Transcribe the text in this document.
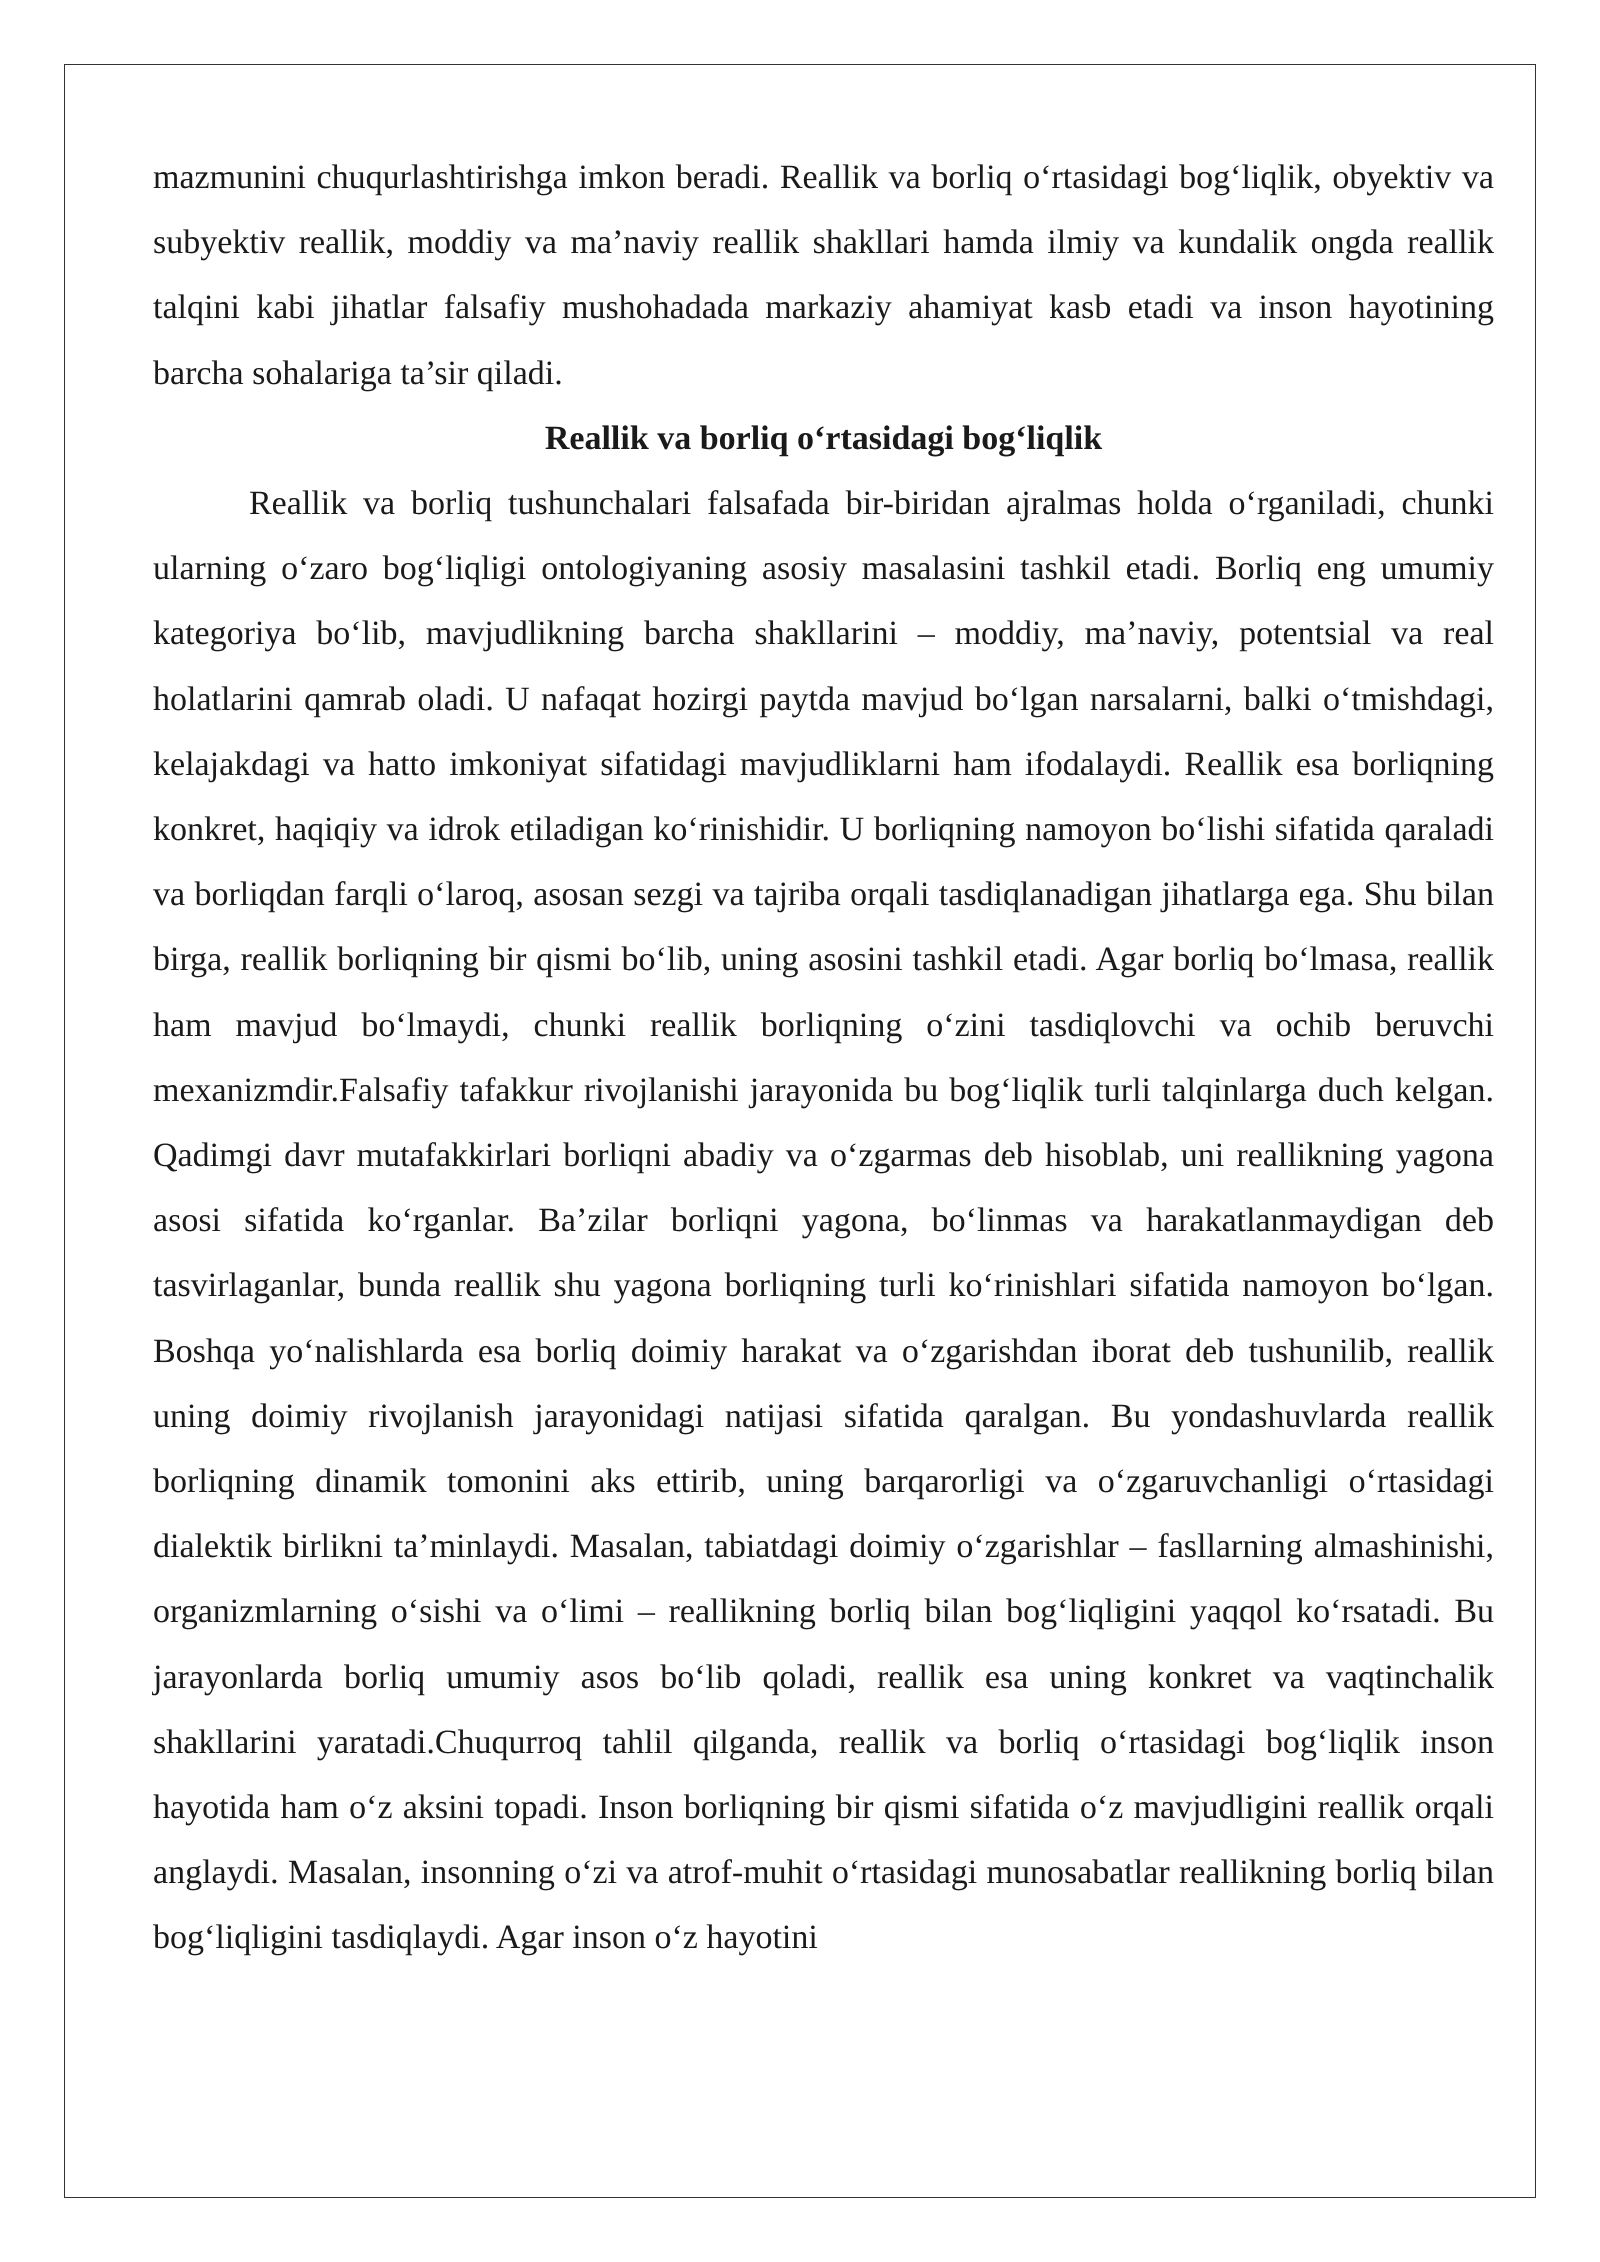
mazmunini chuqurlashtirishga imkon beradi. Reallik va borliq o‘rtasidagi bog‘liqlik, obyektiv va subyektiv reallik, moddiy va ma’naviy reallik shakllari hamda ilmiy va kundalik ongda reallik talqini kabi jihatlar falsafiy mushohadada markaziy ahamiyat kasb etadi va inson hayotining barcha sohalariga ta’sir qiladi.

Reallik va borliq o‘rtasidagi bog‘liqlik

Reallik va borliq tushunchalari falsafada bir-biridan ajralmas holda o‘rganiladi, chunki ularning o‘zaro bog‘liqligi ontologiyaning asosiy masalasini tashkil etadi. Borliq eng umumiy kategoriya bo‘lib, mavjudlikning barcha shakllarini – moddiy, ma’naviy, potentsial va real holatlarini qamrab oladi. U nafaqat hozirgi paytda mavjud bo‘lgan narsalarni, balki o‘tmishdagi, kelajakdagi va hatto imkoniyat sifatidagi mavjudliklarni ham ifodalaydi. Reallik esa borliqning konkret, haqiqiy va idrok etiladigan ko‘rinishidir. U borliqning namoyon bo‘lishi sifatida qaraladi va borliqdan farqli o‘laroq, asosan sezgi va tajriba orqali tasdiqlanadigan jihatlarga ega. Shu bilan birga, reallik borliqning bir qismi bo‘lib, uning asosini tashkil etadi. Agar borliq bo‘lmasa, reallik ham mavjud bo‘lmaydi, chunki reallik borliqning o‘zini tasdiqlovchi va ochib beruvchi mexanizmdir.Falsafiy tafakkur rivojlanishi jarayonida bu bog‘liqlik turli talqinlarga duch kelgan. Qadimgi davr mutafakkirlari borliqni abadiy va o‘zgarmas deb hisoblab, uni reallikning yagona asosi sifatida ko‘rganlar. Ba’zilar borliqni yagona, bo‘linmas va harakatlanmaydigan deb tasvirlaganlar, bunda reallik shu yagona borliqning turli ko‘rinishlari sifatida namoyon bo‘lgan. Boshqa yo‘nalishlarda esa borliq doimiy harakat va o‘zgarishdan iborat deb tushunilib, reallik uning doimiy rivojlanish jarayonidagi natijasi sifatida qaralgan. Bu yondashuvlarda reallik borliqning dinamik tomonini aks ettirib, uning barqarorligi va o‘zgaruvchanligi o‘rtasidagi dialektik birlikni ta’minlaydi. Masalan, tabiatdagi doimiy o‘zgarishlar – fasllarning almashinishi, organizmlarning o‘sishi va o‘limi – reallikning borliq bilan bog‘liqligini yaqqol ko‘rsatadi. Bu jarayonlarda borliq umumiy asos bo‘lib qoladi, reallik esa uning konkret va vaqtinchalik shakllarini yaratadi.Chuqurroq tahlil qilganda, reallik va borliq o‘rtasidagi bog‘liqlik inson hayotida ham o‘z aksini topadi. Inson borliqning bir qismi sifatida o‘z mavjudligini reallik orqali anglaydi. Masalan, insonning o‘zi va atrof-muhit o‘rtasidagi munosabatlar reallikning borliq bilan bog‘liqligini tasdiqlaydi. Agar inson o‘z hayotini
